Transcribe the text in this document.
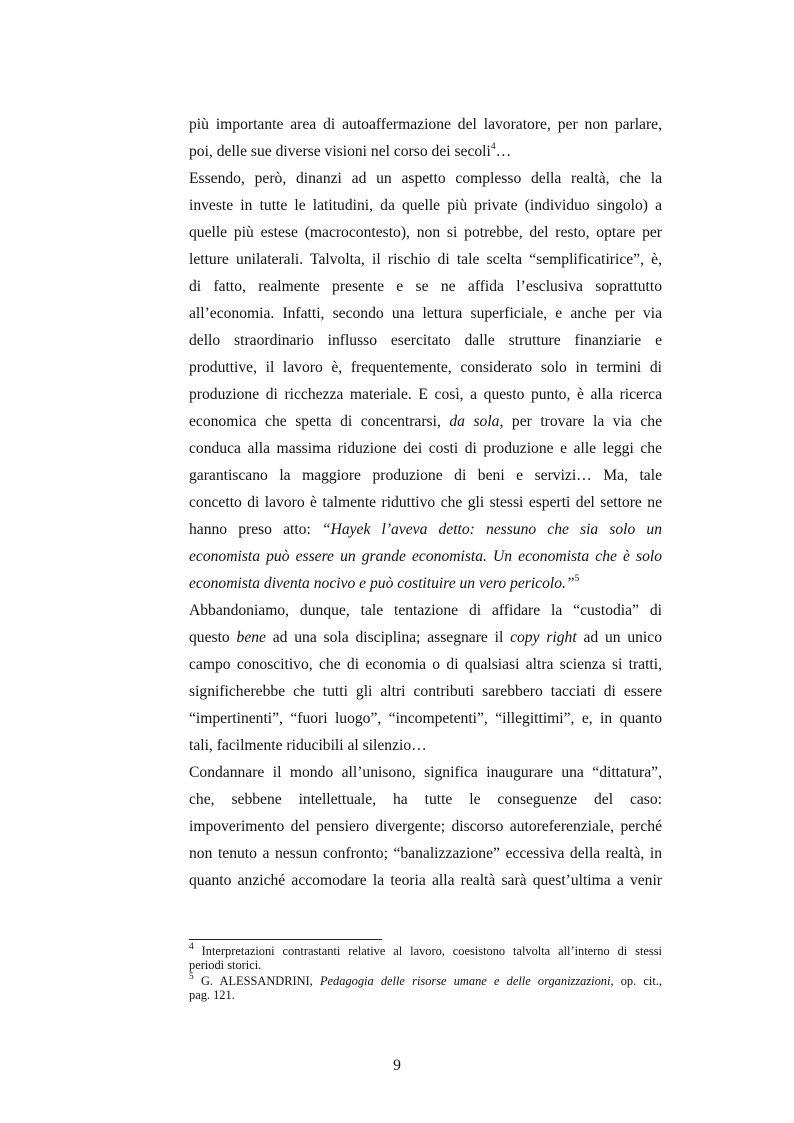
più importante area di autoaffermazione del lavoratore, per non parlare,
poi, delle sue diverse visioni nel corso dei secoli$^4$…
Essendo, però, dinanzi ad un aspetto complesso della realtà, che la
investe in tutte le latitudini, da quelle più private (individuo singolo) a
quelle più estese (macrocontesto), non si potrebbe, del resto, optare per
letture unilaterali. Talvolta, il rischio di tale scelta “semplificatirice”, è,
di fatto, realmente presente e se ne affida l’esclusiva soprattutto
all’economia. Infatti, secondo una lettura superficiale, e anche per via
dello straordinario influsso esercitato dalle strutture finanziarie e
produttive, il lavoro è, frequentemente, considerato solo in termini di
produzione di ricchezza materiale. E così, a questo punto, è alla ricerca
economica che spetta di concentrarsi, da sola, per trovare la via che
conduca alla massima riduzione dei costi di produzione e alle leggi che
garantiscano la maggiore produzione di beni e servizi… Ma, tale
concetto di lavoro è talmente riduttivo che gli stessi esperti del settore ne
hanno preso atto: “Hayek l’aveva detto: nessuno che sia solo un
economista può essere un grande economista. Un economista che è solo
economista diventa nocivo e può costituire un vero pericolo.”$^5$
Abbandoniamo, dunque, tale tentazione di affidare la “custodia” di
questo bene ad una sola disciplina; assegnare il copy right ad un unico
campo conoscitivo, che di economia o di qualsiasi altra scienza si tratti,
significherebbe che tutti gli altri contributi sarebbero tacciati di essere
“impertinenti”, “fuori luogo”, “incompetenti”, “illegittimi”, e, in quanto
tali, facilmente riducibili al silenzio…
Condannare il mondo all’unisono, significa inaugurare una “dittatura”,
che, sebbene intellettuale, ha tutte le conseguenze del caso:
impoverimento del pensiero divergente; discorso autoreferenziale, perché
non tenuto a nessun confronto; “banalizzazione” eccessiva della realtà, in
quanto anziché accomodare la teoria alla realtà sarà quest’ultima a venir
$^4$ Interpretazioni contrastanti relative al lavoro, coesistono talvolta all’interno di stessi
periodi storici.
$^5$ G. ALESSANDRINI, Pedagogia delle risorse umane e delle organizzazioni, op. cit.,
pag. 121.
9
